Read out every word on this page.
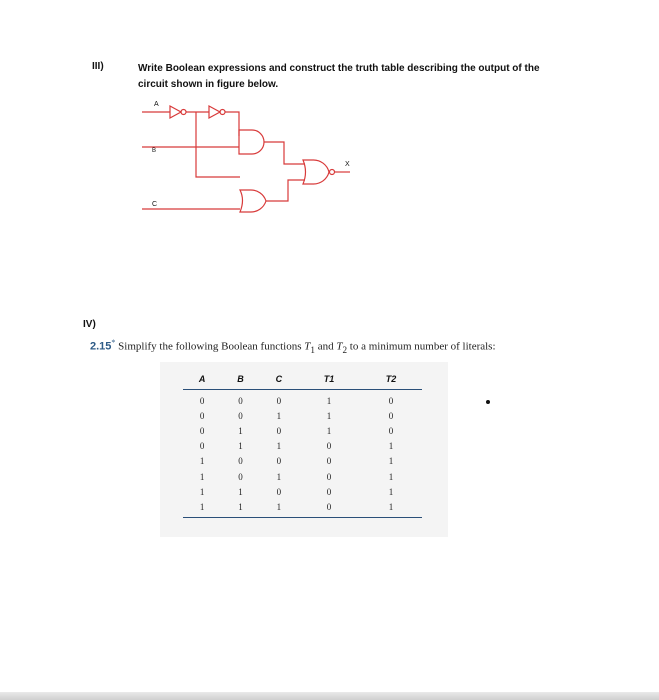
III)	Write Boolean expressions and construct the truth table describing the output of the circuit shown in figure below.
A
B
C
X
IV)
2.15* Simplify the following Boolean functions $T_1$ and $T_2$ to a minimum number of literals:
A	B	C	T1	T2
0	0	0	1	0
0	0	1	1	0
0	1	0	1	0
0	1	1	0	1
1	0	0	0	1
1	0	1	0	1
1	1	0	0	1
1	1	1	0	1
